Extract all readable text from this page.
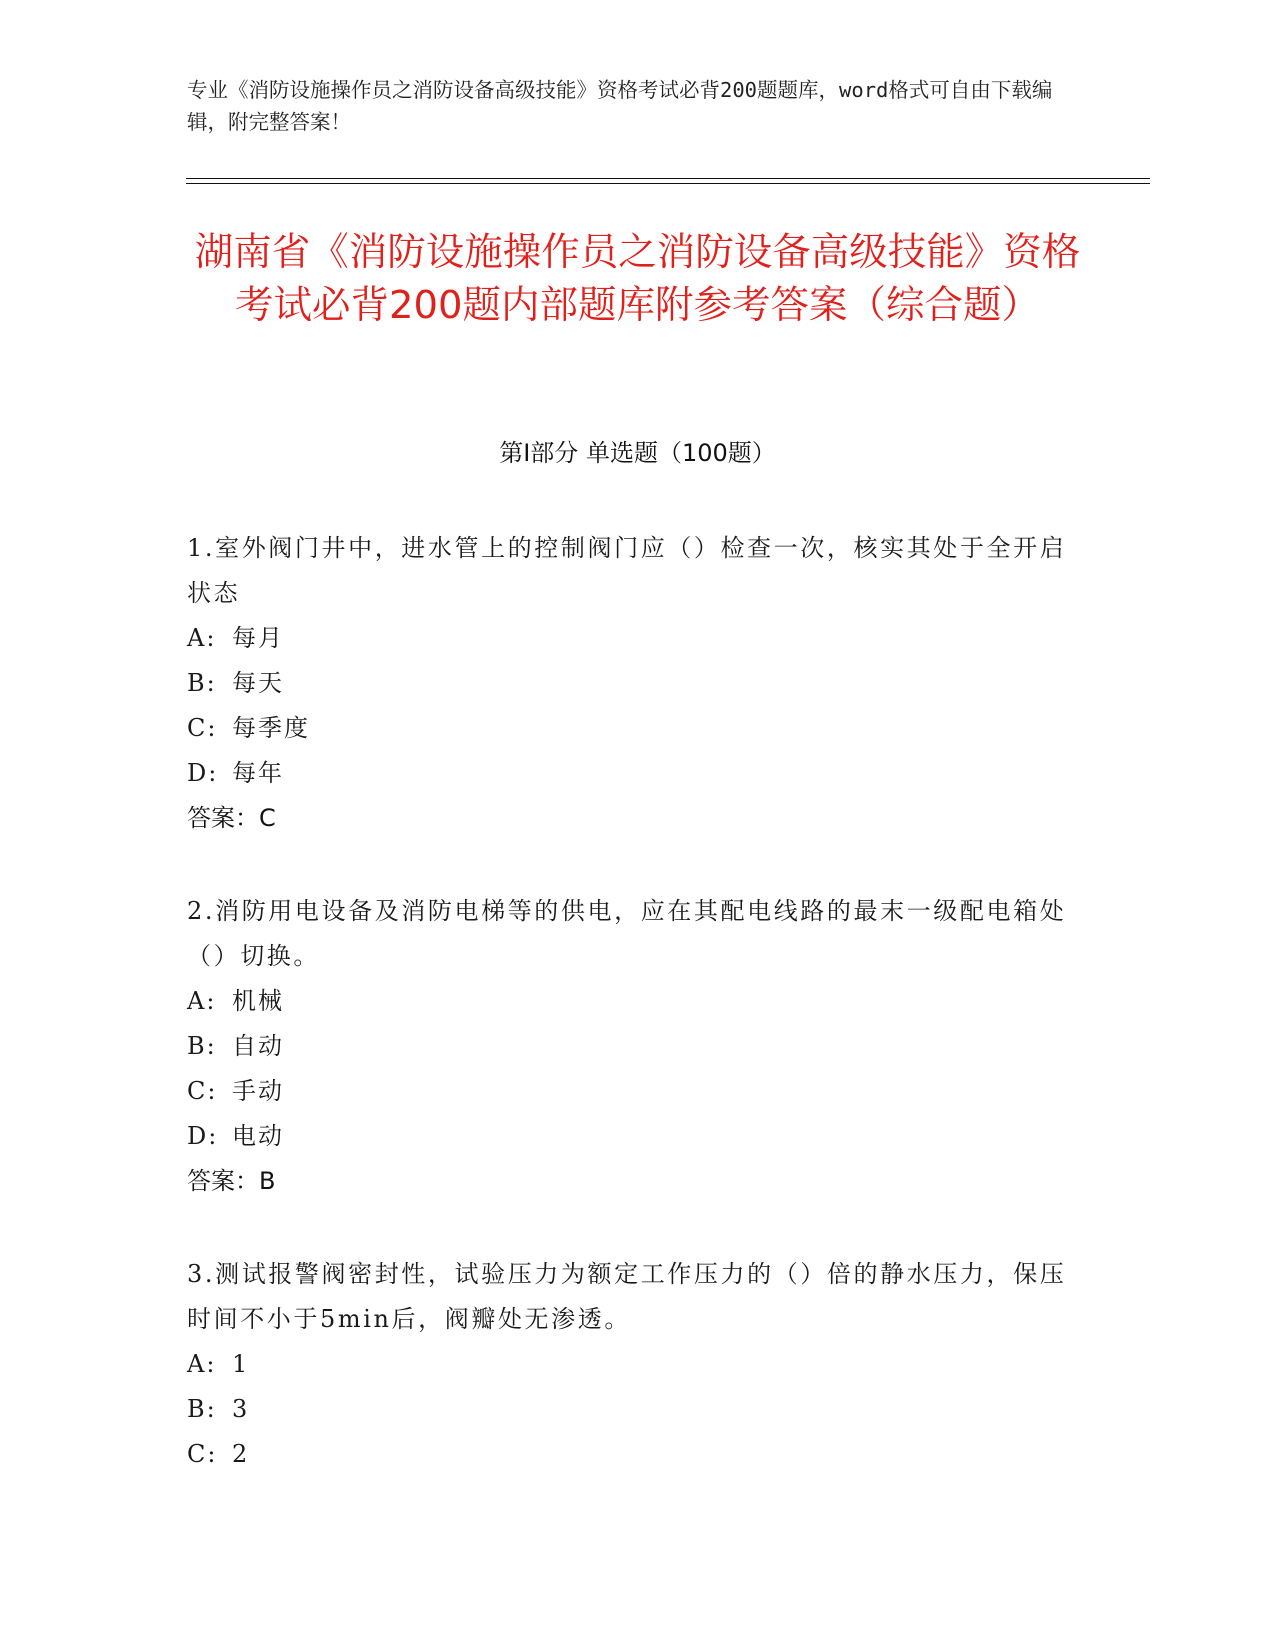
专业《消防设施操作员之消防设备高级技能》资格考试必背200题题库，word格式可自由下载编辑，附完整答案！
湖南省《消防设施操作员之消防设备高级技能》资格考试必背200题内部题库附参考答案（综合题）
第I部分 单选题（100题）
1.室外阀门井中，进水管上的控制阀门应（）检查一次，核实其处于全开启状态
A: 每月
B: 每天
C: 每季度
D: 每年
答案：C
2.消防用电设备及消防电梯等的供电，应在其配电线路的最末一级配电箱处（）切换。
A: 机械
B: 自动
C: 手动
D: 电动
答案：B
3.测试报警阀密封性，试验压力为额定工作压力的（）倍的静水压力，保压时间不小于5min后，阀瓣处无渗透。
A: 1
B: 3
C: 2
